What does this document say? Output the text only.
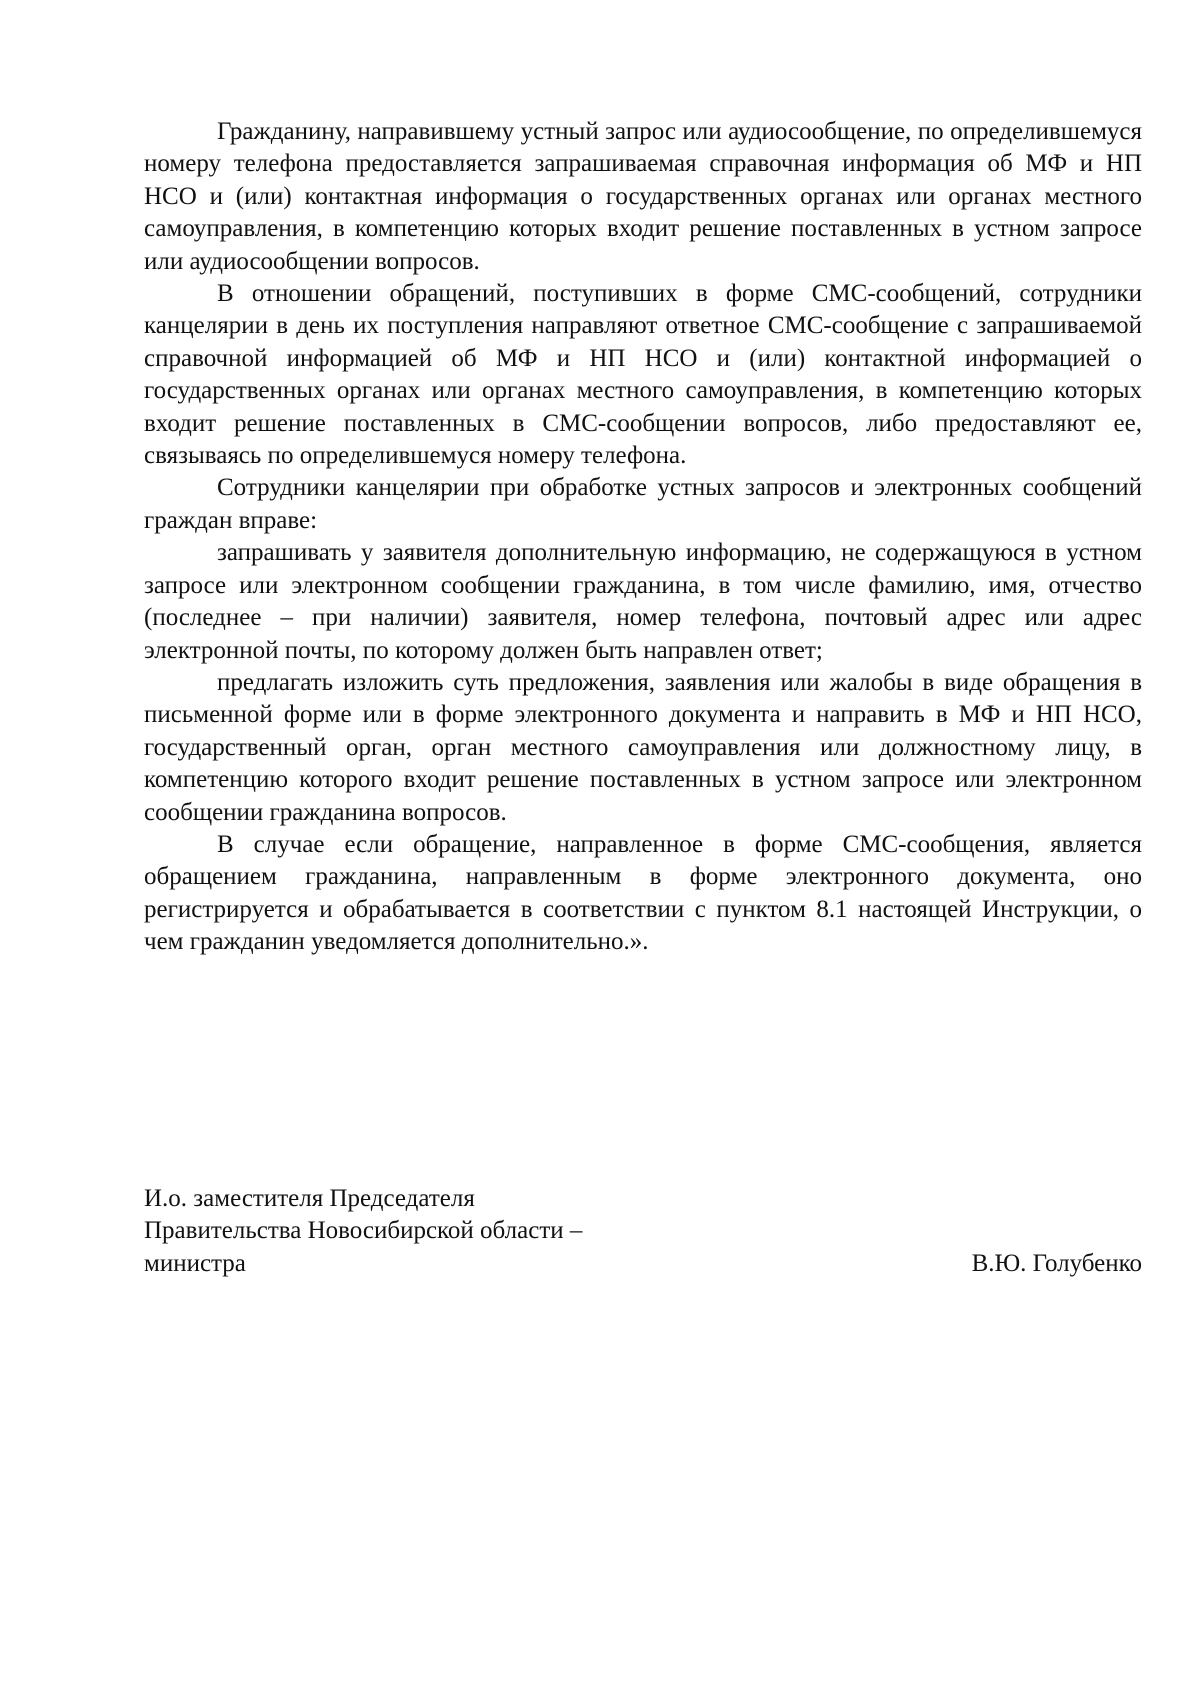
Гражданину, направившему устный запрос или аудиосообщение, по определившемуся номеру телефона предоставляется запрашиваемая справочная информация об МФ и НП НСО и (или) контактная информация о государственных органах или органах местного самоуправления, в компетенцию которых входит решение поставленных в устном запросе или аудиосообщении вопросов.

В отношении обращений, поступивших в форме СМС-сообщений, сотрудники канцелярии в день их поступления направляют ответное СМС-сообщение с запрашиваемой справочной информацией об МФ и НП НСО и (или) контактной информацией о государственных органах или органах местного самоуправления, в компетенцию которых входит решение поставленных в СМС-сообщении вопросов, либо предоставляют ее, связываясь по определившемуся номеру телефона.

Сотрудники канцелярии при обработке устных запросов и электронных сообщений граждан вправе:

запрашивать у заявителя дополнительную информацию, не содержащуюся в устном запросе или электронном сообщении гражданина, в том числе фамилию, имя, отчество (последнее – при наличии) заявителя, номер телефона, почтовый адрес или адрес электронной почты, по которому должен быть направлен ответ;

предлагать изложить суть предложения, заявления или жалобы в виде обращения в письменной форме или в форме электронного документа и направить в МФ и НП НСО, государственный орган, орган местного самоуправления или должностному лицу, в компетенцию которого входит решение поставленных в устном запросе или электронном сообщении гражданина вопросов.

В случае если обращение, направленное в форме СМС-сообщения, является обращением гражданина, направленным в форме электронного документа, оно регистрируется и обрабатывается в соответствии с пунктом 8.1 настоящей Инструкции, о чем гражданин уведомляется дополнительно.».

И.о. заместителя Председателя
Правительства Новосибирской области –
министра	В.Ю. Голубенко
